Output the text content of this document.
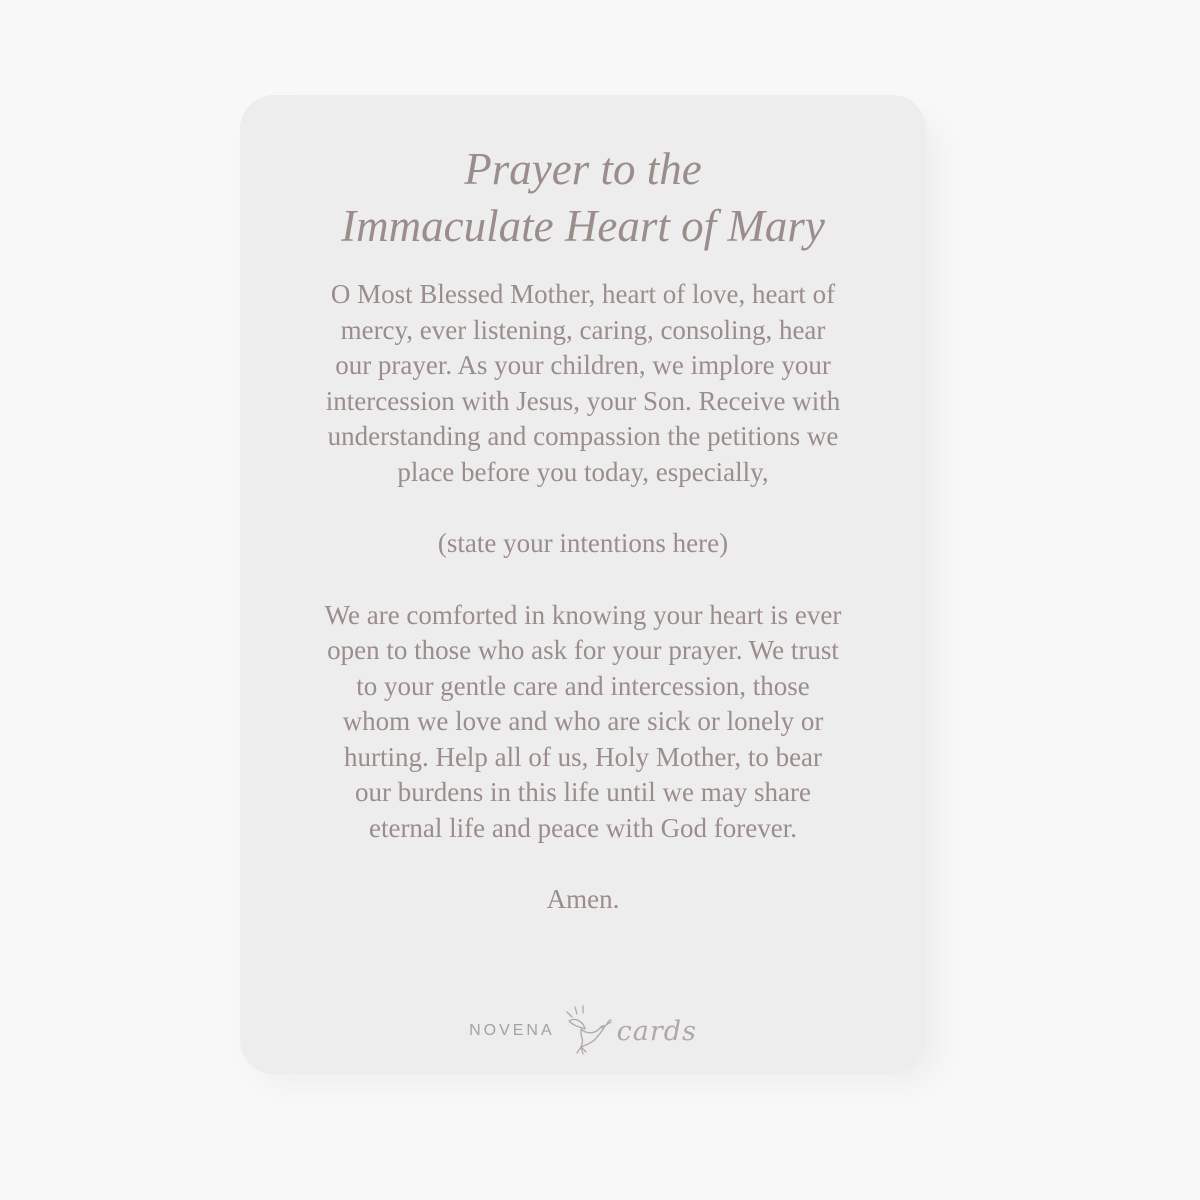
Prayer to the
Immaculate Heart of Mary

O Most Blessed Mother, heart of love, heart of
mercy, ever listening, caring, consoling, hear
our prayer. As your children, we implore your
intercession with Jesus, your Son. Receive with
understanding and compassion the petitions we
place before you today, especially,

(state your intentions here)

We are comforted in knowing your heart is ever
open to those who ask for your prayer. We trust
to your gentle care and intercession, those
whom we love and who are sick or lonely or
hurting. Help all of us, Holy Mother, to bear
our burdens in this life until we may share
eternal life and peace with God forever.

Amen.

NOVENA cards
